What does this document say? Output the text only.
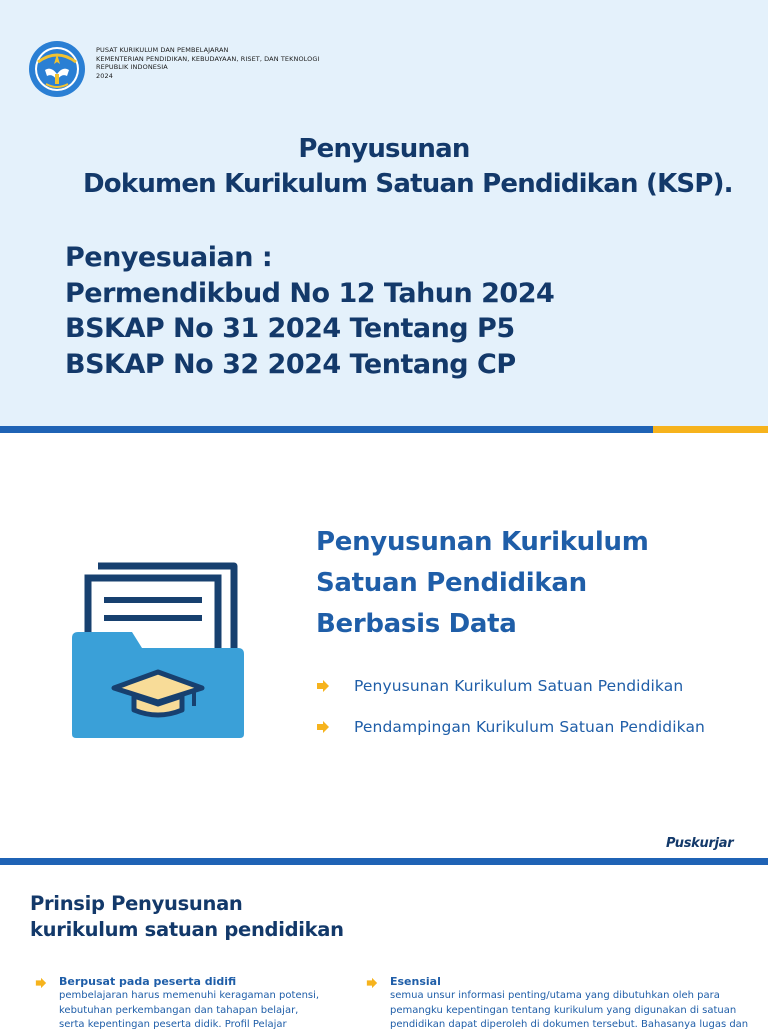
PUSAT KURIKULUM DAN PEMBELAJARAN
KEMENTERIAN PENDIDIKAN, KEBUDAYAAN, RISET, DAN TEKNOLOGI
REPUBLIK INDONESIA
2024
Penyusunan
Dokumen Kurikulum Satuan Pendidikan (KSP).
Penyesuaian :
Permendikbud No 12 Tahun 2024
BSKAP No 31 2024 Tentang P5
BSKAP No 32 2024 Tentang CP
Penyusunan Kurikulum
Satuan Pendidikan
Berbasis Data
Penyusunan Kurikulum Satuan Pendidikan
Pendampingan Kurikulum Satuan Pendidikan
Puskurjar
Prinsip Penyusunan
kurikulum satuan pendidikan
Berpusat pada peserta didifi
pembelajaran harus memenuhi keragaman potensi,
kebutuhan perkembangan dan tahapan belajar,
serta kepentingan peserta didik. Profil Pelajar
Esensial
semua unsur informasi penting/utama yang dibutuhkan oleh para
pemangku kepentingan tentang kurikulum yang digunakan di satuan
pendidikan dapat diperoleh di dokumen tersebut. Bahasanya lugas dan
